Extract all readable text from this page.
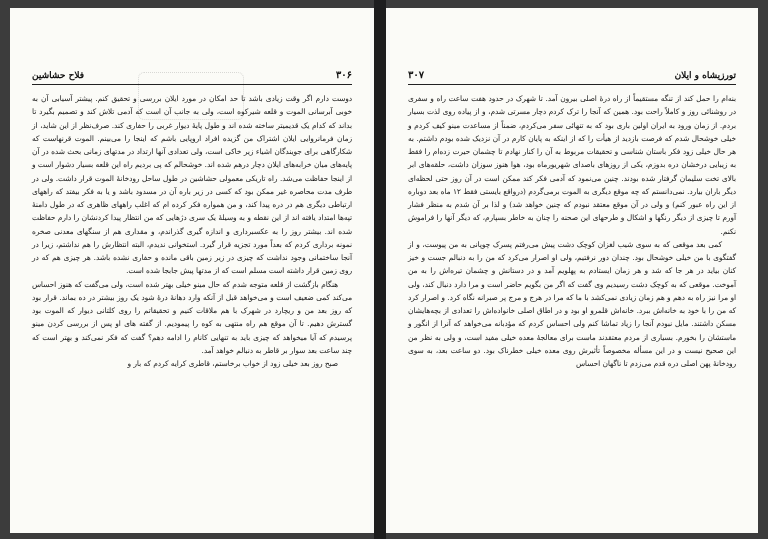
۳۰۶
فلاح حشاشین

دوست دارم اگر وقت زیادی باشد تا حد امکان در مورد ایلان بررسی و تحقیق کنم. پیشتر آسیابی آن به خوبی آبرسانی الموت و قلعه شیرکوه است، ولی به جانب آن است که آدمی تلاش کند و تصمیم بگیرد تا بداند که کدام یک قدیمیتر ساخته شده اند و طول پایهٔ دیوار غربی را حفاری کند. صرف‌نظر از این شاید، از زمان فرمانروایی ایلان اشتراک من گزیده افراد اروپایی باشم که اینجا را می‌بینم. الموت قرنهاست که شکارگاهی برای جویندگان اشیاء زیر خاکی است، ولی تعدادی آنها ارتداد در مدتهای زمانی بحث شده در آن پایه‌های میان خرابه‌های ایلان دچار درهم شده اند. خوشحالم که پی بردیم راه این قلعه بسیار دشوار است و از اینجا حفاظت می‌شد. راه تاریکی معمولی حشاشین در طول ساحل رودخانهٔ الموت قرار داشت. ولی در طرف مدت محاصره غیر ممکن بود که کسی در زیر باره آن در مسدود باشد و یا به فکر بیفتد که راههای ارتباطی دیگری هم در دره پیدا کند، و من همواره فکر کرده ام که اغلب راههای ظاهری که در طول دامنهٔ تپه‌ها امتداد یافته اند از این نقطه و به وسیلهٔ یک سری دژهایی که من انتظار پیدا کردنشان را دارم حفاظت شده اند. بیشتر روز را به عکسبرداری و اندازه گیری گذراندم، و مقداری هم از سنگهای معدنی صخره نمونه برداری کردم که بعداً مورد تجزیه قرار گیرد. استخوانی ندیدم، البته انتظارش را هم نداشتم، زیرا در آنجا ساختمانی وجود نداشت که چیزی در زیر زمین باقی مانده و حفاری نشده باشد. هر چیزی هم که در روی زمین قرار داشته است مسلم است که از مدتها پیش جابجا شده است.

هنگام بازگشت از قلعه متوجه شدم که حال مینو خیلی بهتر شده است، ولی می‌گفت که هنوز احساس می‌کند کمی ضعیف است و می‌خواهد قبل از آنکه وارد دهانهٔ درهٔ شود یک روز بیشتر در ده بماند. قرار بود که روز بعد من و ریچارد در شهرک با هم ملاقات کنیم و تحقیقاتم را روی کلتانی دیوار که الموت بود گسترش دهیم. تا آن موقع هم راه منتهی به کوه را پیمودیم. از گفته های او پس از بررسی کردن مینو پرسیدم که آیا میخواهد که چیزی باید به تنهایی کانام را ادامه دهم؟ گفت که فکر نمی‌کند و بهتر است که چند ساعت بعد سوار بر قاطر به دنبالم خواهد آمد.

صبح روز بعد خیلی زود از خواب برخاستم، قاطری کرایه کردم که بار و

تورزیشاه و ایلان
۳۰۷

بنه‌ام را حمل کند از تنگه مستقیماً از راه درهٔ اصلی بیرون آمد. تا شهرک در حدود هفت ساعت راه و سفری در روشنائی روز و کاملاً راحت بود. همین که آنجا را ترک کردم دچار مسرتی شدم، و از پیاده روی لذت بسیار بردم. از زمان ورود به ایران اولین باری بود که به تنهائی سفر می‌کردم، ضمناً از مساعدت مینو کیف کردم و خیلی خوشحال شدم که فرصت بازدید از هیأت را که از اینکه به پایان کارم در آن نزدیک شده بودم داشتم. به هر حال خیلی زود فکر باستان شناسی و تحقیقات مربوط به آن را کنار نهادم تا چشمان حیرت زده‌ام را فقط به زیبایی درخشان دره بدوزم، یکی از روزهای باصدای شهریورماه بود، هوا هنوز سوزان داشت، حلقه‌های ابر بالای تخت سلیمان گرفتار شده بودند. چنین می‌نمود که آدمی فکر کند ممکن است در آن روز حتی لحظه‌ای دیگر باران بیارد. نمی‌دانستم که چه موقع دیگری به الموت برمی‌گردم (درواقع بایستی فقط ۱۲ ماه بعد دوباره از این راه عبور کنم) و ولی در آن موقع معتقد نبودم که چنین خواهد شد) و لذا بر آن شدم به منظر فشار آورم تا چیزی از دیگر رنگها و اشکال و طرحهای این صحنه را چنان به خاطر بسپارم، که دیگر آنها را فراموش نکنم.

کمی بعد موقعی که به سوی شیب لغزان کوچک دشت پیش می‌رفتم پسرک چوپانی به من پیوست، و از گفتگوی با من خیلی خوشحال بود. چندان دور نرفتیم، ولی او اصرار می‌کرد که من را به دنبالم جست و خیز کنان بیاید در هر جا که شد و هر زمان ایستادم به پهلویم آمد و در دستانش و چشمان تیره‌اش را به من آموخت. موقعی که به کوچک دشت رسیدیم وی گفت که اگر من بگویم حاضر است و مرا دارد دنبال کند، ولی او مرا نیز راه به دهم و هم زمان زیادی نمی‌کشد با ما که مرا در هرج و مرج پر صبرانه نگاه کرد. و اصرار کرد که من را با خود به خانه‌اش ببرد. خانه‌اش قلمرو او بود و در اطاق اصلی خانواده‌اش را تعدادی از بچه‌هایشان مسکن داشتند. مایل نبودم آنجا را زیاد تماشا کنم ولی احساس کردم که مؤدبانه می‌خواهد که آنرا از انگور و ماستشان را بخورم. بسیاری از مردم معتقدند ماست برای معالجهٔ معده خیلی مفید است، و ولی به نظر من این صحیح نیست و در این مسأله مخصوصاً تأثیرش روی معده خیلی خطرناک بود. دو ساعت بعد، به سوی رودخانهٔ پهن اصلی دره قدم می‌زدم تا ناگهان احساس
